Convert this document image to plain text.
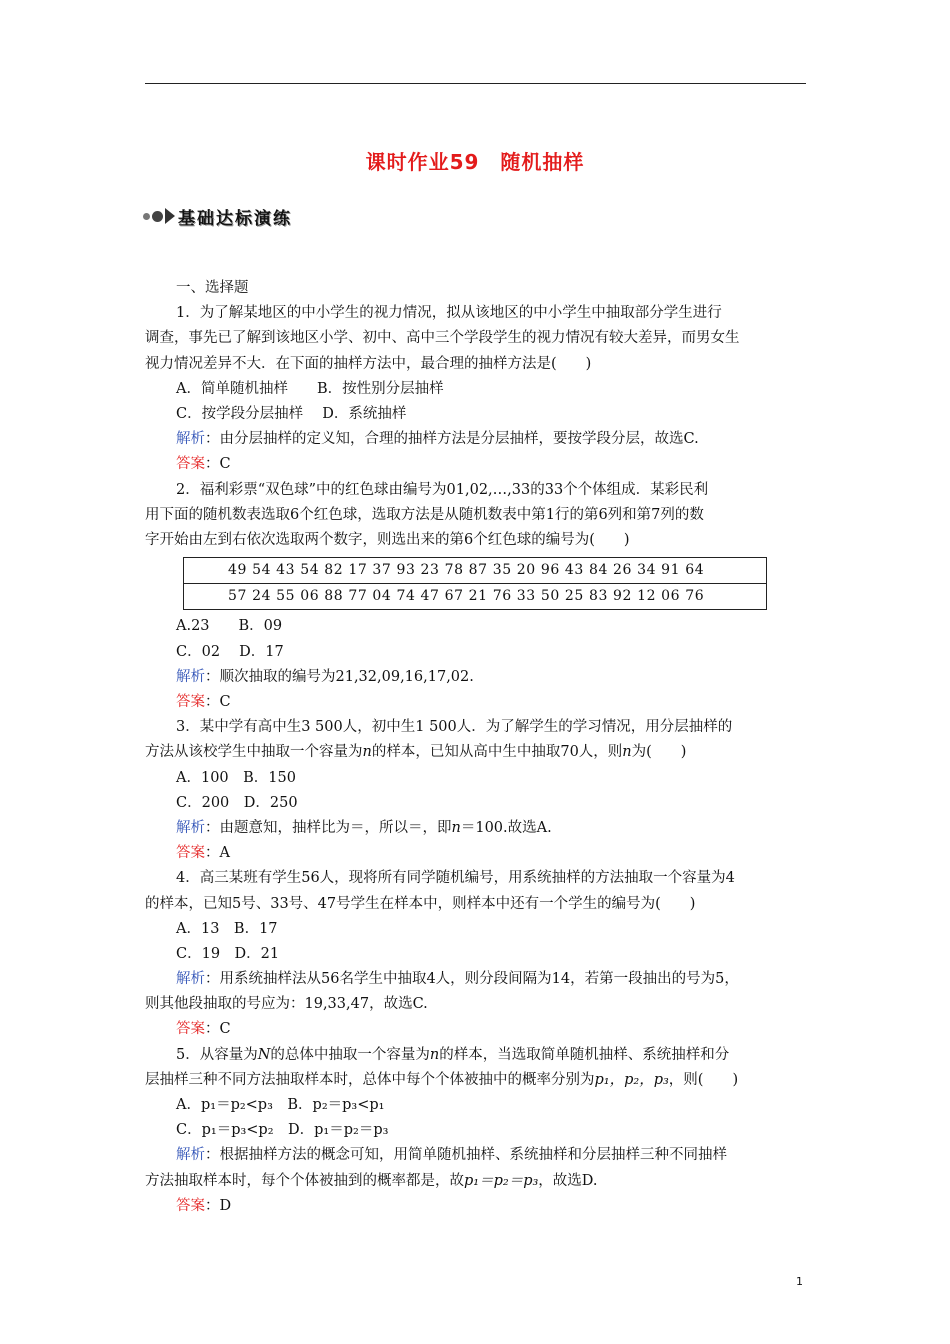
课时作业59　随机抽样
基础达标演练
一、选择题
1．为了解某地区的中小学生的视力情况，拟从该地区的中小学生中抽取部分学生进行
调查，事先已了解到该地区小学、初中、高中三个学段学生的视力情况有较大差异，而男女生
视力情况差异不大．在下面的抽样方法中，最合理的抽样方法是(　　)
A．简单随机抽样　　B．按性别分层抽样
C．按学段分层抽样　 D．系统抽样
解析：由分层抽样的定义知，合理的抽样方法是分层抽样，要按学段分层，故选C.
答案：C
2．福利彩票“双色球”中的红色球由编号为01,02,…,33的33个个体组成．某彩民利
用下面的随机数表选取6个红色球，选取方法是从随机数表中第1行的第6列和第7列的数
字开始由左到右依次选取两个数字，则选出来的第6个红色球的编号为(　　)
49 54 43 54 82 17 37 93 23 78 87 35 20 96 43 84 26 34 91 64
57 24 55 06 88 77 04 74 47 67 21 76 33 50 25 83 92 12 06 76
A.23　　B．09
C．02　 D．17
解析：顺次抽取的编号为21,32,09,16,17,02.
答案：C
3．某中学有高中生3 500人，初中生1 500人．为了解学生的学习情况，用分层抽样的
方法从该校学生中抽取一个容量为n的样本，已知从高中生中抽取70人，则n为(　　)
A．100　B．150
C．200　D．250
解析：由题意知，抽样比为＝，所以＝，即n＝100.故选A.
答案：A
4．高三某班有学生56人，现将所有同学随机编号，用系统抽样的方法抽取一个容量为4
的样本，已知5号、33号、47号学生在样本中，则样本中还有一个学生的编号为(　　)
A．13　B．17
C．19　D．21
解析：用系统抽样法从56名学生中抽取4人，则分段间隔为14，若第一段抽出的号为5，
则其他段抽取的号应为：19,33,47，故选C.
答案：C
5．从容量为N的总体中抽取一个容量为n的样本，当选取简单随机抽样、系统抽样和分
层抽样三种不同方法抽取样本时，总体中每个个体被抽中的概率分别为p₁，p₂，p₃，则(　　)
A．p₁＝p₂<p₃　B．p₂＝p₃<p₁
C．p₁＝p₃<p₂　D．p₁＝p₂＝p₃
解析：根据抽样方法的概念可知，用简单随机抽样、系统抽样和分层抽样三种不同抽样
方法抽取样本时，每个个体被抽到的概率都是，故p₁＝p₂＝p₃，故选D.
答案：D
1
